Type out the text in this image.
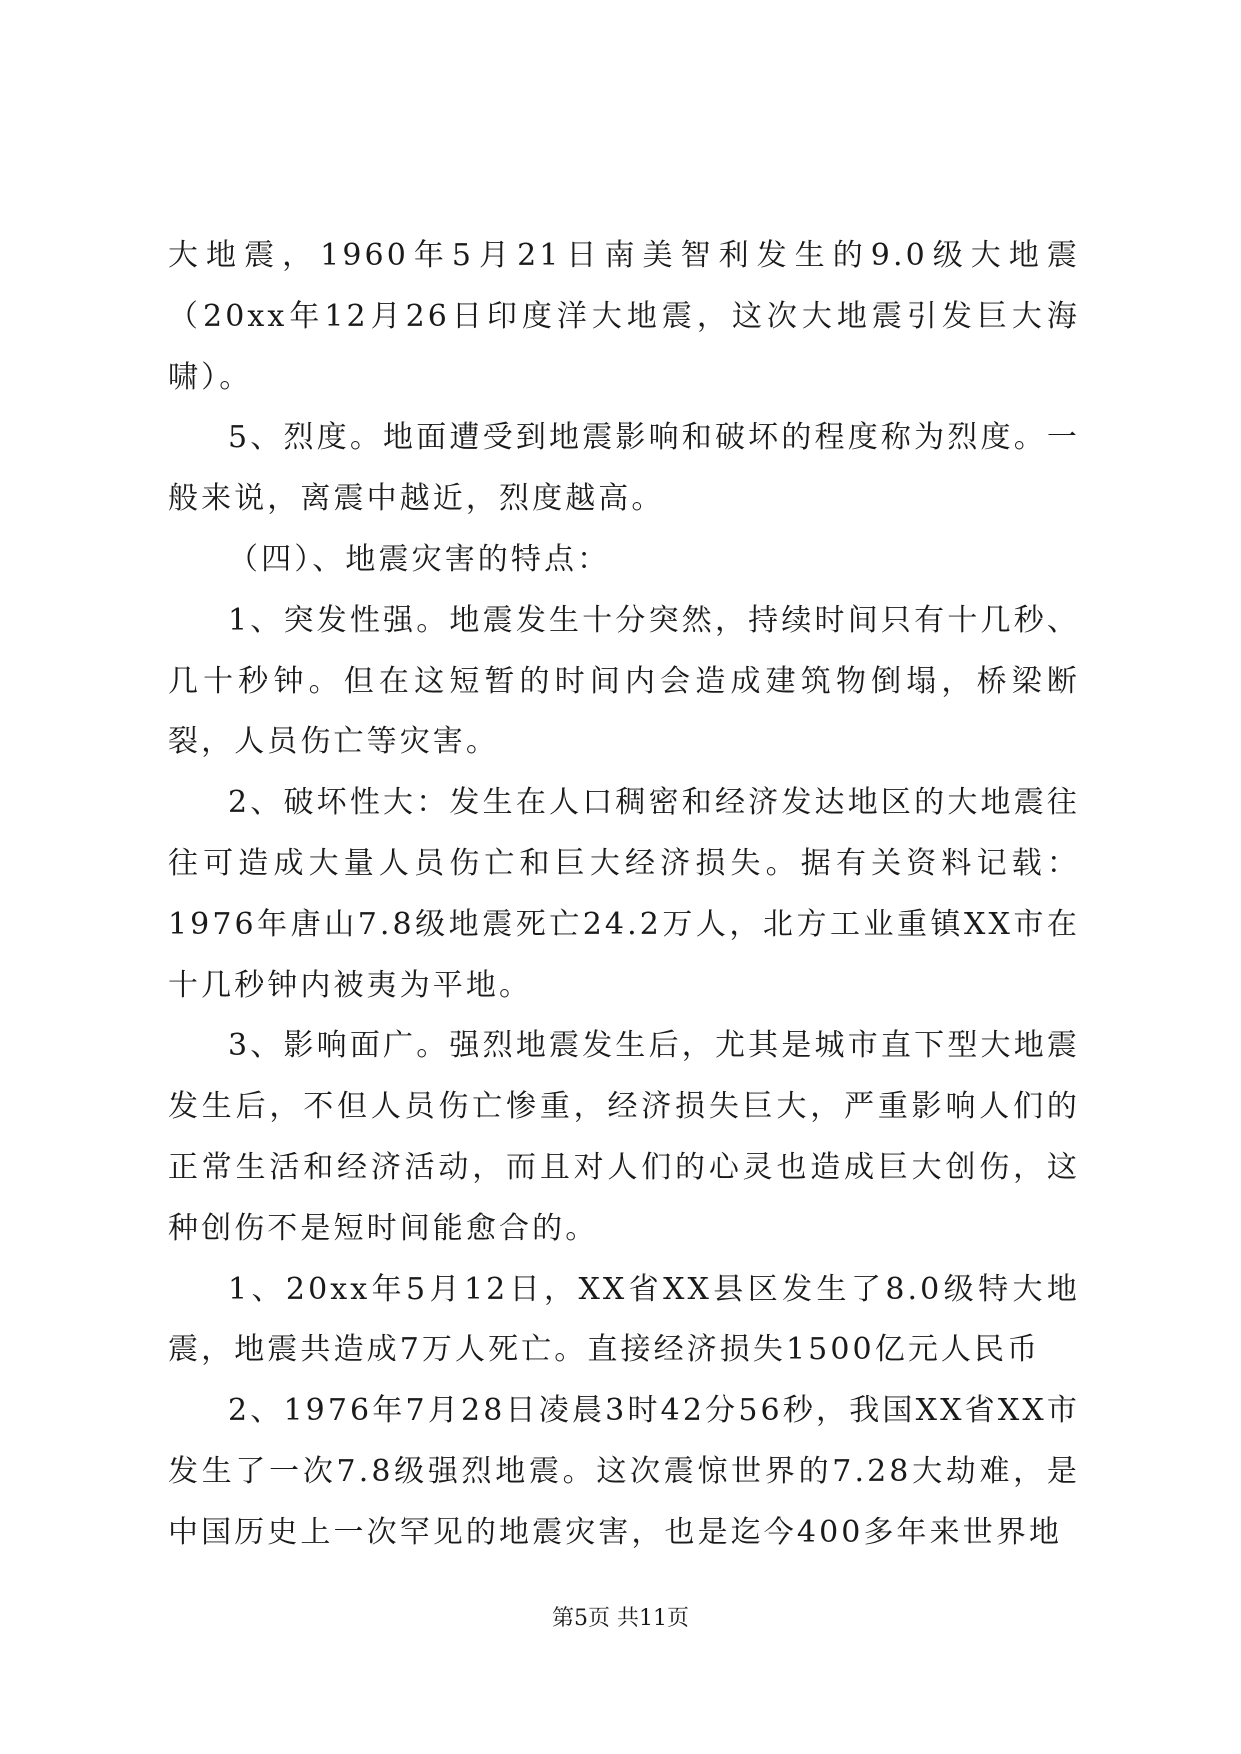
大地震，1960年5月21日南美智利发生的9.0级大地震（20xx年12月26日印度洋大地震，这次大地震引发巨大海啸）。

5、烈度。地面遭受到地震影响和破坏的程度称为烈度。一般来说，离震中越近，烈度越高。

（四）、地震灾害的特点：

1、突发性强。地震发生十分突然，持续时间只有十几秒、几十秒钟。但在这短暂的时间内会造成建筑物倒塌，桥梁断裂，人员伤亡等灾害。

2、破坏性大：发生在人口稠密和经济发达地区的大地震往往可造成大量人员伤亡和巨大经济损失。据有关资料记载：1976年唐山7.8级地震死亡24.2万人，北方工业重镇XX市在十几秒钟内被夷为平地。

3、影响面广。强烈地震发生后，尤其是城市直下型大地震发生后，不但人员伤亡惨重，经济损失巨大，严重影响人们的正常生活和经济活动，而且对人们的心灵也造成巨大创伤，这种创伤不是短时间能愈合的。

1、20xx年5月12日，XX省XX县区发生了8.0级特大地震，地震共造成7万人死亡。直接经济损失1500亿元人民币

2、1976年7月28日凌晨3时42分56秒，我国XX省XX市发生了一次7.8级强烈地震。这次震惊世界的7.28大劫难，是中国历史上一次罕见的地震灾害，也是迄今400多年来世界地

第5页 共11页
